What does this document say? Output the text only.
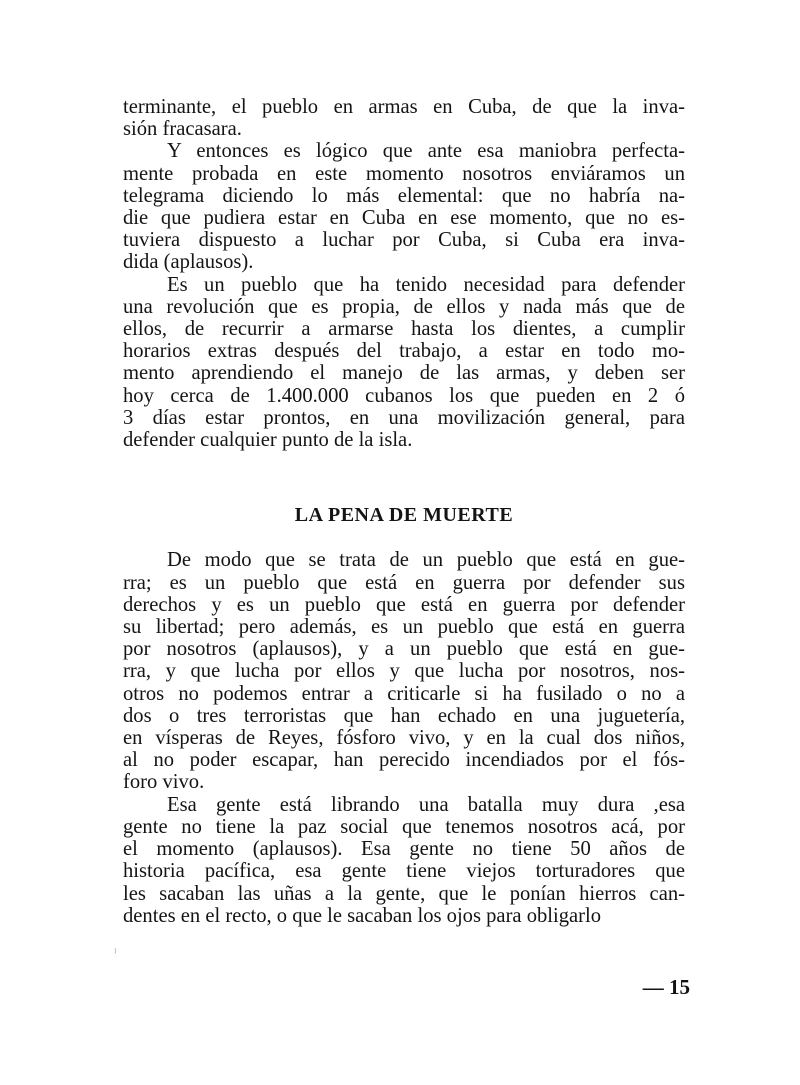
terminante, el pueblo en armas en Cuba, de que la inva-
sión fracasara.
Y entonces es lógico que ante esa maniobra perfecta-
mente probada en este momento nosotros enviáramos un
telegrama diciendo lo más elemental: que no habría na-
die que pudiera estar en Cuba en ese momento, que no es-
tuviera dispuesto a luchar por Cuba, si Cuba era inva-
dida (aplausos).
Es un pueblo que ha tenido necesidad para defender
una revolución que es propia, de ellos y nada más que de
ellos, de recurrir a armarse hasta los dientes, a cumplir
horarios extras después del trabajo, a estar en todo mo-
mento aprendiendo el manejo de las armas, y deben ser
hoy cerca de 1.400.000 cubanos los que pueden en 2 ó
3 días estar prontos, en una movilización general, para
defender cualquier punto de la isla.
LA PENA DE MUERTE
De modo que se trata de un pueblo que está en gue-
rra; es un pueblo que está en guerra por defender sus
derechos y es un pueblo que está en guerra por defender
su libertad; pero además, es un pueblo que está en guerra
por nosotros (aplausos), y a un pueblo que está en gue-
rra, y que lucha por ellos y que lucha por nosotros, nos-
otros no podemos entrar a criticarle si ha fusilado o no a
dos o tres terroristas que han echado en una juguetería,
en vísperas de Reyes, fósforo vivo, y en la cual dos niños,
al no poder escapar, han perecido incendiados por el fós-
foro vivo.
Esa gente está librando una batalla muy dura ,esa
gente no tiene la paz social que tenemos nosotros acá, por
el momento (aplausos). Esa gente no tiene 50 años de
historia pacífica, esa gente tiene viejos torturadores que
les sacaban las uñas a la gente, que le ponían hierros can-
dentes en el recto, o que le sacaban los ojos para obligarlo
⁾
— 15
